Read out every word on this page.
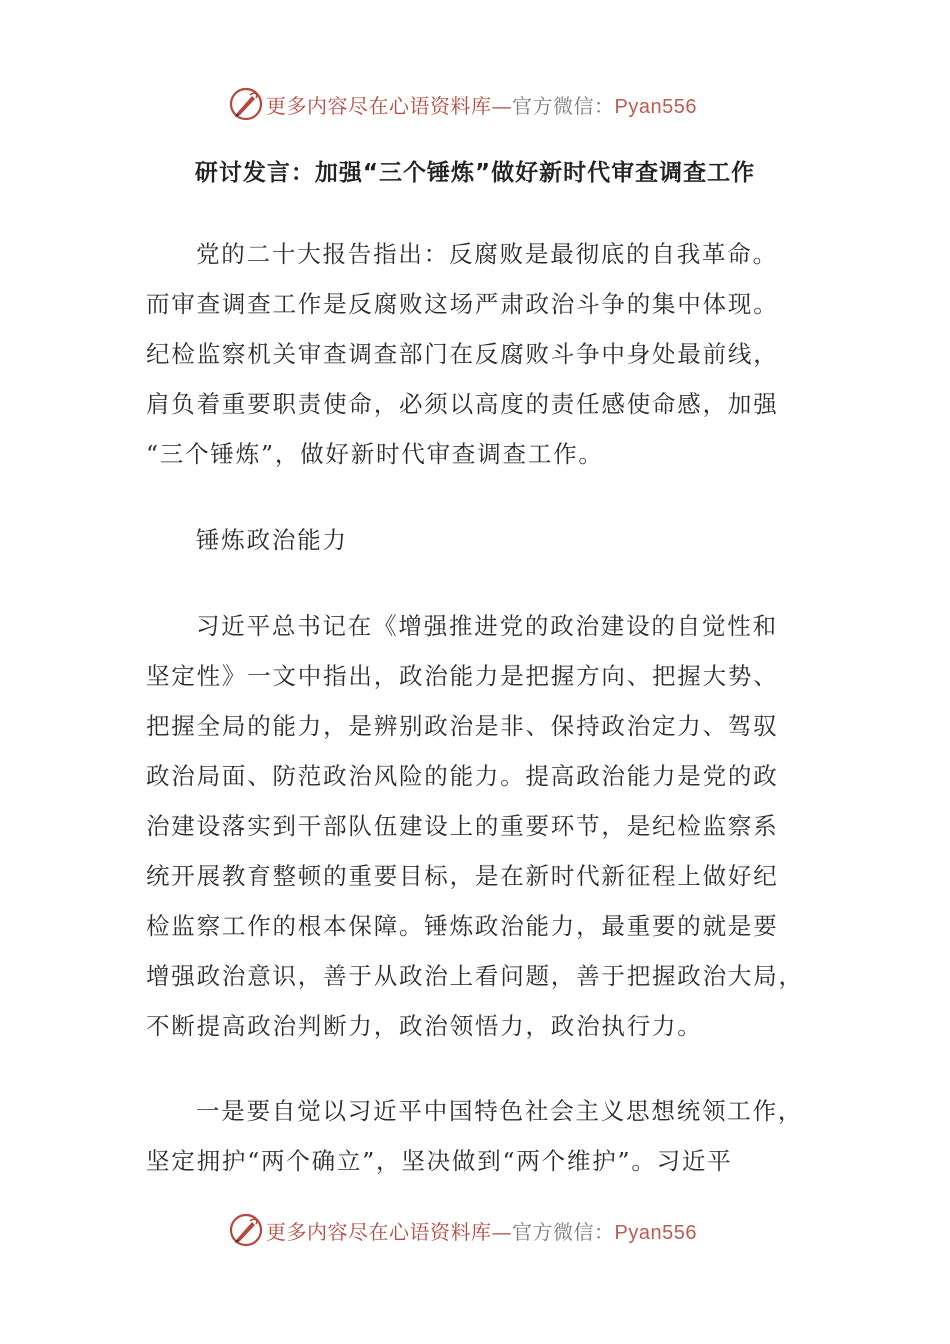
更多内容尽在心语资料库—官方微信：Pyan556
研讨发言：加强“三个锤炼”做好新时代审查调查工作
党的二十大报告指出：反腐败是最彻底的自我革命。
而审查调查工作是反腐败这场严肃政治斗争的集中体现。
纪检监察机关审查调查部门在反腐败斗争中身处最前线，
肩负着重要职责使命，必须以高度的责任感使命感，加强
“三个锤炼”，做好新时代审查调查工作。
锤炼政治能力
习近平总书记在《增强推进党的政治建设的自觉性和
坚定性》一文中指出，政治能力是把握方向、把握大势、
把握全局的能力，是辨别政治是非、保持政治定力、驾驭
政治局面、防范政治风险的能力。提高政治能力是党的政
治建设落实到干部队伍建设上的重要环节，是纪检监察系
统开展教育整顿的重要目标，是在新时代新征程上做好纪
检监察工作的根本保障。锤炼政治能力，最重要的就是要
增强政治意识，善于从政治上看问题，善于把握政治大局，
不断提高政治判断力，政治领悟力，政治执行力。
一是要自觉以习近平中国特色社会主义思想统领工作，
坚定拥护“两个确立”，坚决做到“两个维护”。习近平
更多内容尽在心语资料库—官方微信：Pyan556
